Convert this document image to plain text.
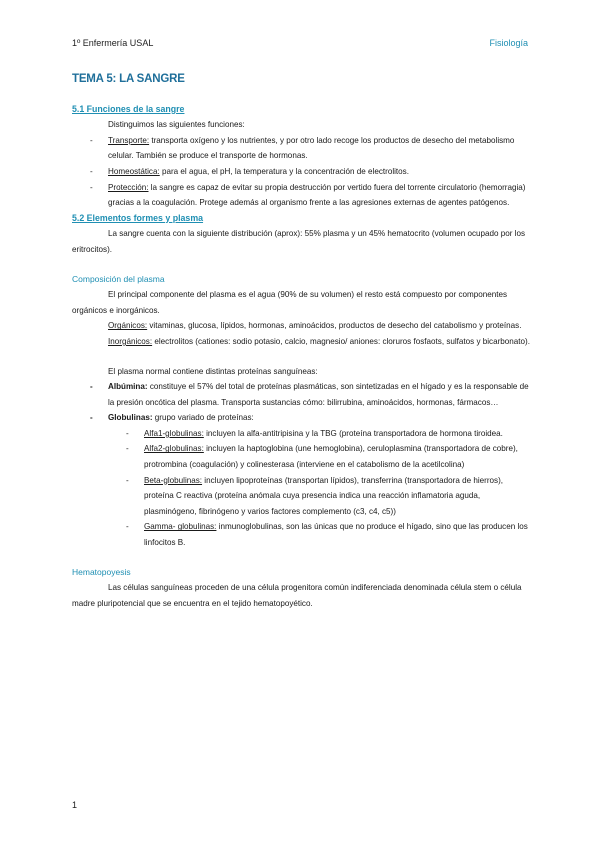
1º Enfermería USAL	Fisiología
TEMA 5: LA SANGRE
5.1 Funciones de la sangre

Distinguimos las siguientes funciones:

- Transporte: transporta oxígeno y los nutrientes, y por otro lado recoge los productos de desecho del metabolismo celular. También se produce el transporte de hormonas.
- Homeostática: para el agua, el pH, la temperatura y la concentración de electrolitos.
- Protección: la sangre es capaz de evitar su propia destrucción por vertido fuera del torrente circulatorio (hemorragia) gracias a la coagulación. Protege además al organismo frente a las agresiones externas de agentes patógenos.
5.2 Elementos formes y plasma

La sangre cuenta con la siguiente distribución (aprox): 55% plasma y un 45% hematocrito (volumen ocupado por los eritrocitos).

Composición del plasma

El principal componente del plasma es el agua (90% de su volumen) el resto está compuesto por componentes orgánicos e inorgánicos.

Orgánicos: vitaminas, glucosa, lípidos, hormonas, aminoácidos, productos de desecho del catabolismo y proteínas.

Inorgánicos: electrolitos (cationes: sodio potasio, calcio, magnesio/ aniones: cloruros fosfaots, sulfatos y bicarbonato).

El plasma normal contiene distintas proteínas sanguíneas:

- Albúmina: constituye el 57% del total de proteínas plasmáticas, son sintetizadas en el hígado y es la responsable de la presión oncótica del plasma. Transporta sustancias cómo: bilirrubina, aminoácidos, hormonas, fármacos…
- Globulinas: grupo variado de proteínas:
- Alfa1-globulinas: incluyen la alfa-antitripisina y la TBG (proteína transportadora de hormona tiroidea.
- Alfa2-globulinas: incluyen la haptoglobina (une hemoglobina), ceruloplasmina (transportadora de cobre), protrombina (coagulación) y colinesterasa (interviene en el catabolismo de la acetilcolina)
- Beta-globulinas: incluyen lipoproteínas (transportan lípidos), transferrina (transportadora de hierros), proteína C reactiva (proteína anómala cuya presencia indica una reacción inflamatoria aguda, plasminógeno, fibrinógeno y varios factores complemento (c3, c4, c5))
- Gamma- globulinas: inmunoglobulinas, son las únicas que no produce el hígado, sino que las producen los linfocitos B.
Hematopoyesis

Las células sanguíneas proceden de una célula progenitora común indiferenciada denominada célula stem o célula madre pluripotencial que se encuentra en el tejido hematopoyético.

1
